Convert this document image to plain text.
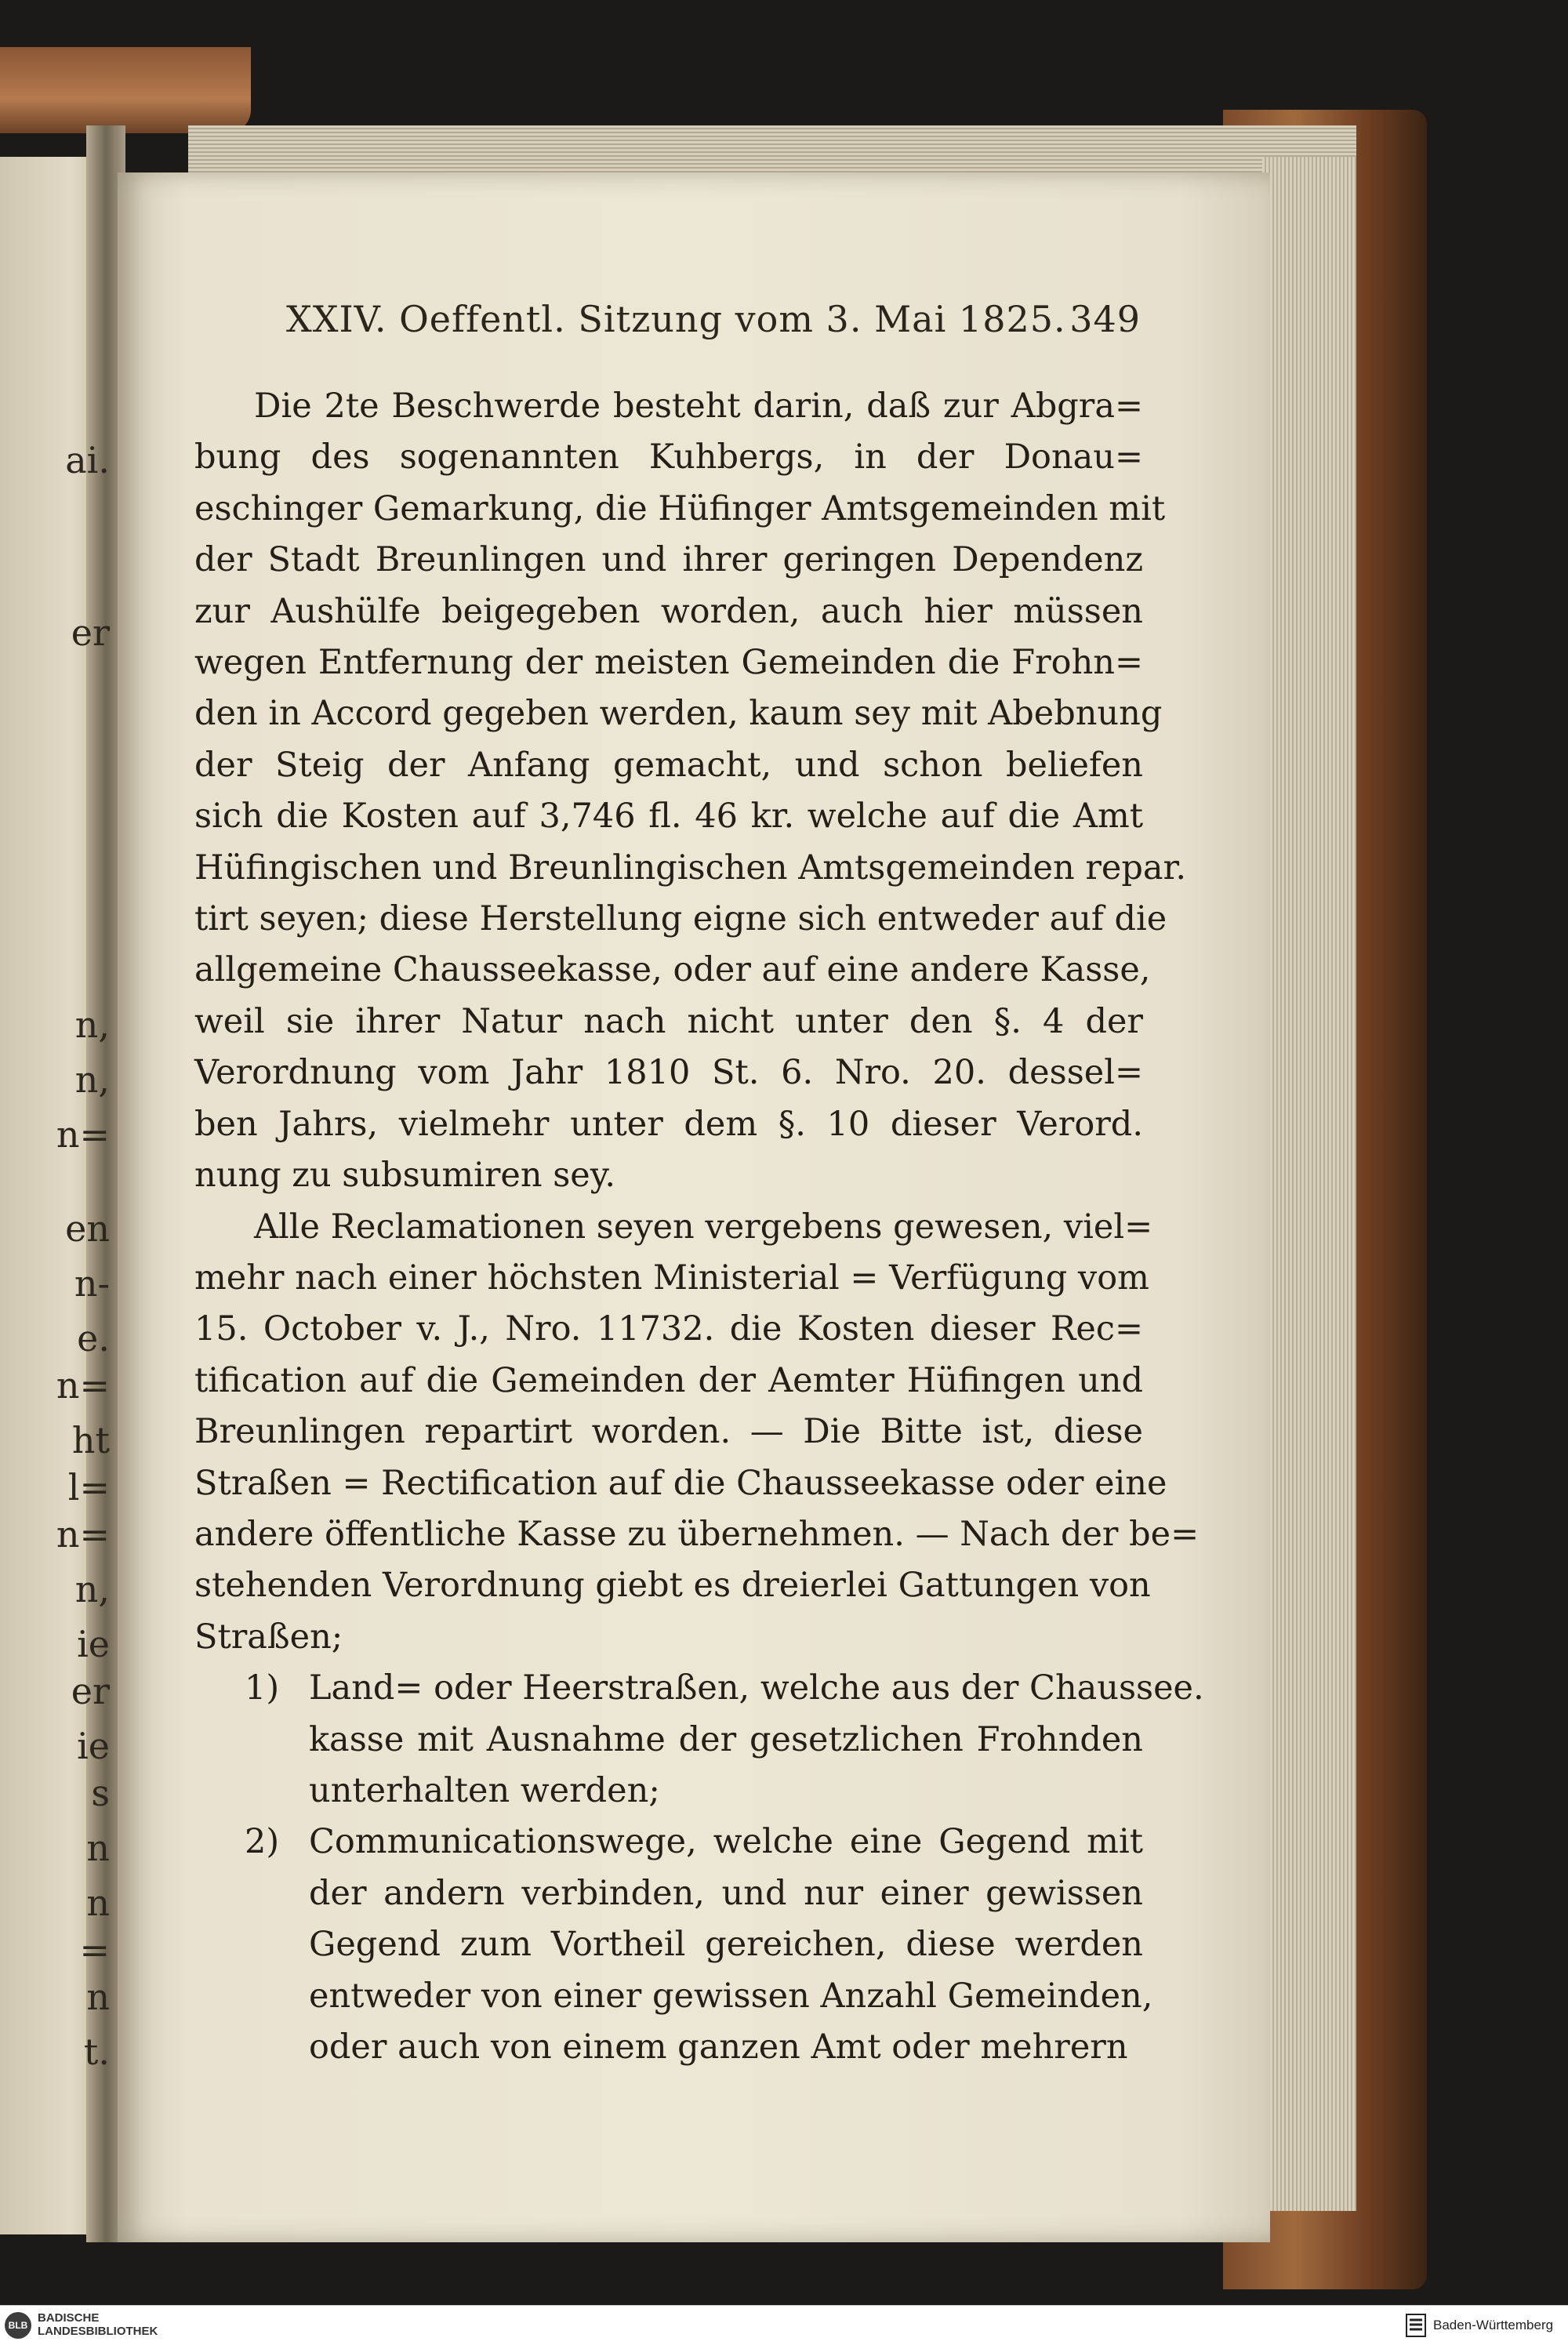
ai.
er
n,
n,
n=
en
n-
e.
n=
ht
l=
n=
n,
ie
er
ie
s
n
n
=
n
t.
XXIV. Oeffentl. Sitzung vom 3. Mai 1825. 349
Die 2te Beschwerde besteht darin, daß zur Abgra=
bung des sogenannten Kuhbergs, in der Donau=
eschinger Gemarkung, die Hüfinger Amtsgemeinden mit
der Stadt Breunlingen und ihrer geringen Dependenz
zur Aushülfe beigegeben worden, auch hier müssen
wegen Entfernung der meisten Gemeinden die Frohn=
den in Accord gegeben werden, kaum sey mit Abebnung
der Steig der Anfang gemacht, und schon beliefen
sich die Kosten auf 3,746 fl. 46 kr. welche auf die Amt
Hüfingischen und Breunlingischen Amtsgemeinden repar.
tirt seyen; diese Herstellung eigne sich entweder auf die
allgemeine Chausseekasse, oder auf eine andere Kasse,
weil sie ihrer Natur nach nicht unter den §. 4 der
Verordnung vom Jahr 1810 St. 6. Nro. 20. dessel=
ben Jahrs, vielmehr unter dem §. 10 dieser Verord.
nung zu subsumiren sey.
Alle Reclamationen seyen vergebens gewesen, viel=
mehr nach einer höchsten Ministerial = Verfügung vom
15. October v. J., Nro. 11732. die Kosten dieser Rec=
tification auf die Gemeinden der Aemter Hüfingen und
Breunlingen repartirt worden. — Die Bitte ist, diese
Straßen = Rectification auf die Chausseekasse oder eine
andere öffentliche Kasse zu übernehmen. — Nach der be=
stehenden Verordnung giebt es dreierlei Gattungen von
Straßen;
1) Land= oder Heerstraßen, welche aus der Chaussee.
kasse mit Ausnahme der gesetzlichen Frohnden
unterhalten werden;
2) Communicationswege, welche eine Gegend mit
der andern verbinden, und nur einer gewissen
Gegend zum Vortheil gereichen, diese werden
entweder von einer gewissen Anzahl Gemeinden,
oder auch von einem ganzen Amt oder mehrern
BLB
BADISCHE
LANDESBIBLIOTHEK	Baden-Württemberg
